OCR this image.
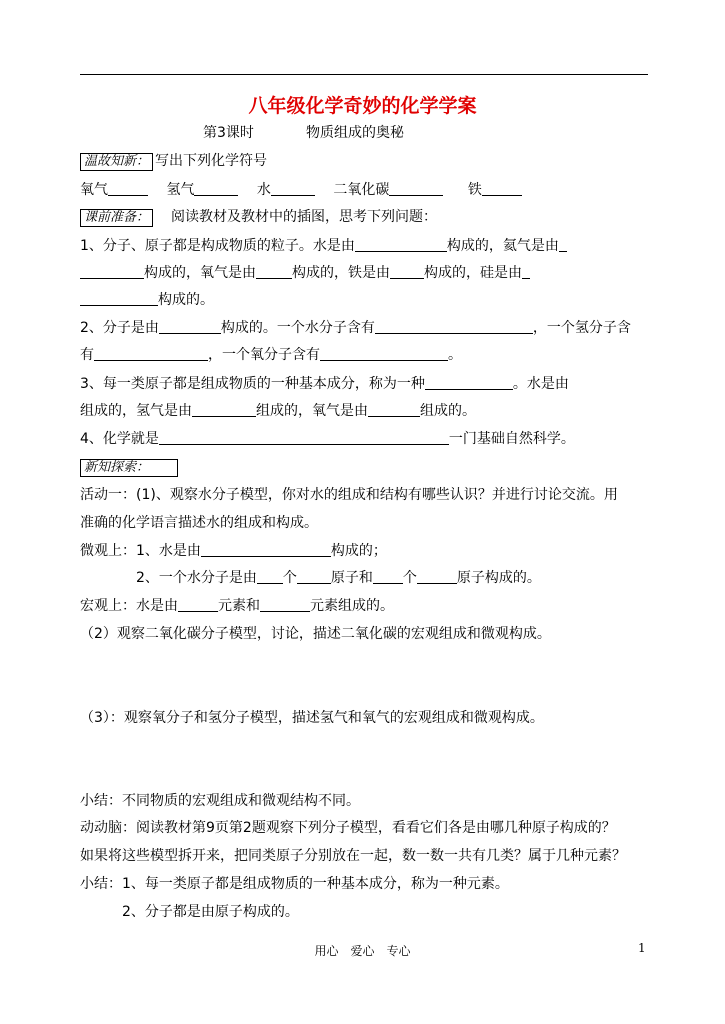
八年级化学奇妙的化学学案
第3课时	物质组成的奥秘
温故知新： 写出下列化学符号
氧气	氢气	水	二氧化碳	铁
课前准备： 阅读教材及教材中的插图，思考下列问题：
1、分子、原子都是构成物质的粒子。水是由	构成的，氦气是由
构成的，氧气是由	构成的，铁是由 构成的，硅是由
构成的。
2、分子是由	构成的。一个水分子含有	，一个氢分子含
有	，一个氧分子含有	。
3、每一类原子都是组成物质的一种基本成分，称为一种	。水是由
组成的，氢气是由	组成的，氧气是由	组成的。
4、化学就是	一门基础自然科学。
新知探索：
活动一：(1)、观察水分子模型，你对水的组成和结构有哪些认识？并进行讨论交流。用
准确的化学语言描述水的组成和构成。
微观上：1、水是由	构成的；
2、一个水分子是由 个 原子和 个	原子构成的。
宏观上：水是由	元素和	元素组成的。
（2）观察二氧化碳分子模型，讨论，描述二氧化碳的宏观组成和微观构成。
（3）：观察氧分子和氢分子模型，描述氢气和氧气的宏观组成和微观构成。
小结：不同物质的宏观组成和微观结构不同。
动动脑：阅读教材第9页第2题观察下列分子模型，看看它们各是由哪几种原子构成的？
如果将这些模型拆开来，把同类原子分别放在一起，数一数一共有几类？属于几种元素？
小结：1、每一类原子都是组成物质的一种基本成分，称为一种元素。
2、分子都是由原子构成的。
用心　爱心　专心	1
